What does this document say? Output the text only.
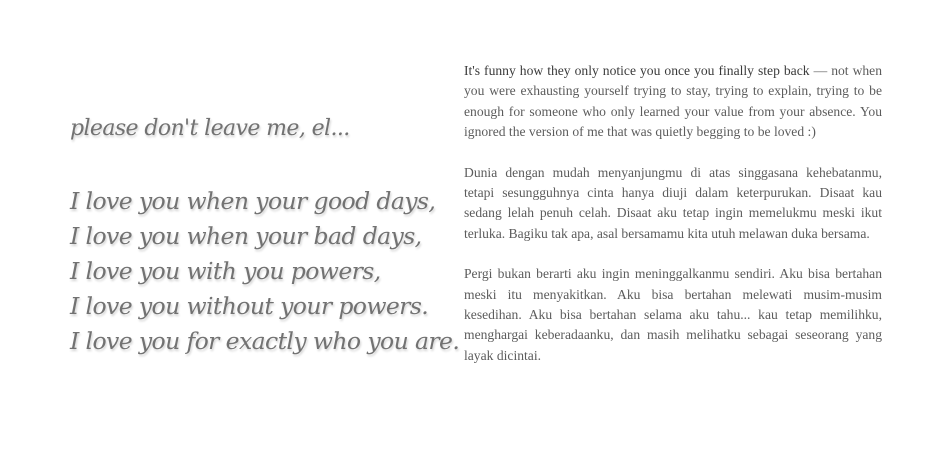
please don't leave me, el...
I love you when your good days,
I love you when your bad days,
I love you with you powers,
I love you without your powers.
I love you for exactly who you are.

It's funny how they only notice you once you finally step back — not when you were exhausting yourself trying to stay, trying to explain, trying to be enough for someone who only learned your value from your absence. You ignored the version of me that was quietly begging to be loved :)

Dunia dengan mudah menyanjungmu di atas singgasana kehebatanmu, tetapi sesungguhnya cinta hanya diuji dalam keterpurukan. Disaat kau sedang lelah penuh celah. Disaat aku tetap ingin memelukmu meski ikut terluka. Bagiku tak apa, asal bersamamu kita utuh melawan duka bersama.

Pergi bukan berarti aku ingin meninggalkanmu sendiri. Aku bisa bertahan meski itu menyakitkan. Aku bisa bertahan melewati musim-musim kesedihan. Aku bisa bertahan selama aku tahu... kau tetap memilihku, menghargai keberadaanku, dan masih melihatku sebagai seseorang yang layak dicintai.
